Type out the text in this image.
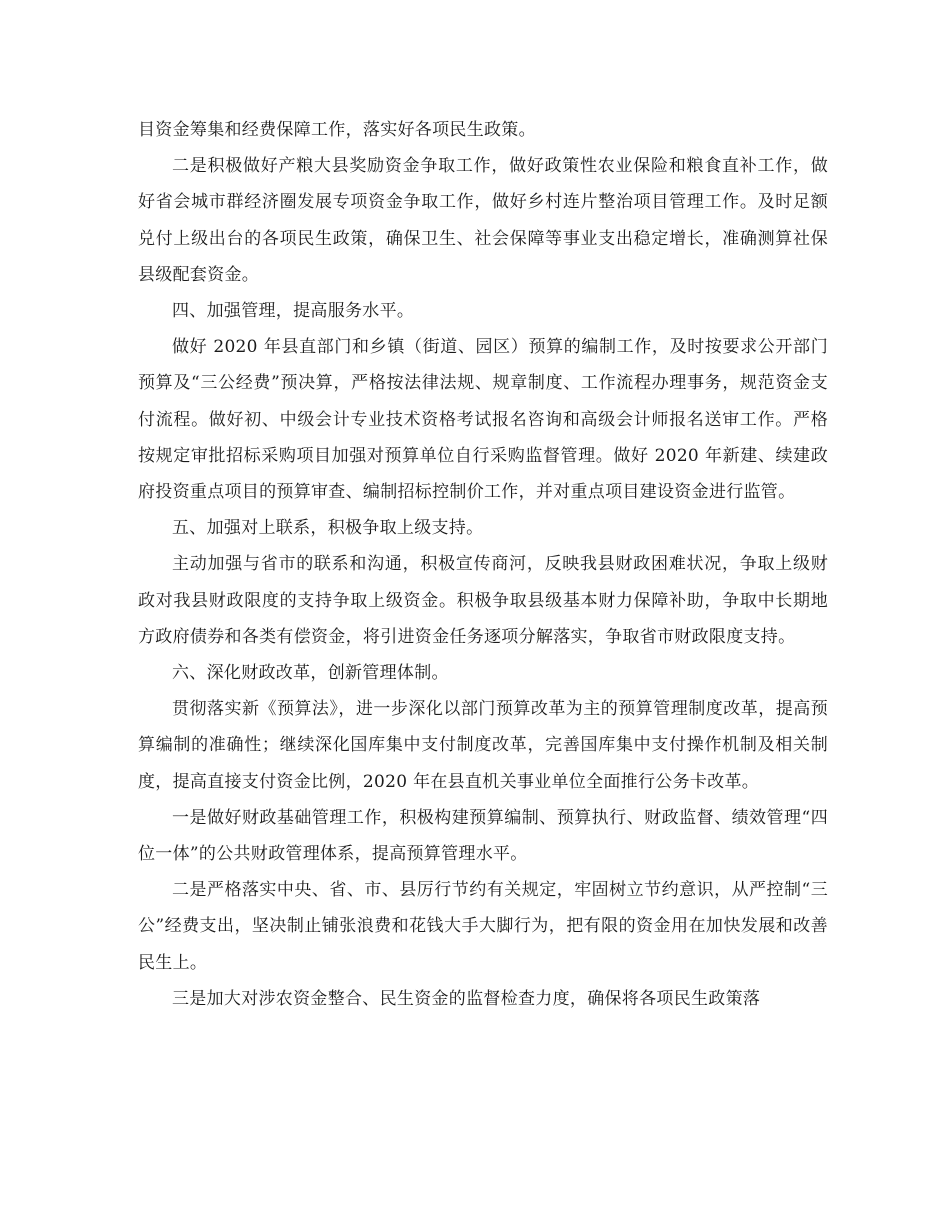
目资金筹集和经费保障工作，落实好各项民生政策。

二是积极做好产粮大县奖励资金争取工作，做好政策性农业保险和粮食直补工作，做好省会城市群经济圈发展专项资金争取工作，做好乡村连片整治项目管理工作。及时足额兑付上级出台的各项民生政策，确保卫生、社会保障等事业支出稳定增长，准确测算社保县级配套资金。

四、加强管理，提高服务水平。

做好 2020 年县直部门和乡镇（街道、园区）预算的编制工作，及时按要求公开部门预算及“三公经费”预决算，严格按法律法规、规章制度、工作流程办理事务，规范资金支付流程。做好初、中级会计专业技术资格考试报名咨询和高级会计师报名送审工作。严格按规定审批招标采购项目加强对预算单位自行采购监督管理。做好 2020 年新建、续建政府投资重点项目的预算审查、编制招标控制价工作，并对重点项目建设资金进行监管。

五、加强对上联系，积极争取上级支持。

主动加强与省市的联系和沟通，积极宣传商河，反映我县财政困难状况，争取上级财政对我县财政限度的支持争取上级资金。积极争取县级基本财力保障补助，争取中长期地方政府债券和各类有偿资金，将引进资金任务逐项分解落实，争取省市财政限度支持。

六、深化财政改革，创新管理体制。

贯彻落实新《预算法》，进一步深化以部门预算改革为主的预算管理制度改革，提高预算编制的准确性；继续深化国库集中支付制度改革，完善国库集中支付操作机制及相关制度，提高直接支付资金比例，2020 年在县直机关事业单位全面推行公务卡改革。

一是做好财政基础管理工作，积极构建预算编制、预算执行、财政监督、绩效管理“四位一体”的公共财政管理体系，提高预算管理水平。

二是严格落实中央、省、市、县厉行节约有关规定，牢固树立节约意识，从严控制“三公”经费支出，坚决制止铺张浪费和花钱大手大脚行为，把有限的资金用在加快发展和改善民生上。

三是加大对涉农资金整合、民生资金的监督检查力度，确保将各项民生政策落
